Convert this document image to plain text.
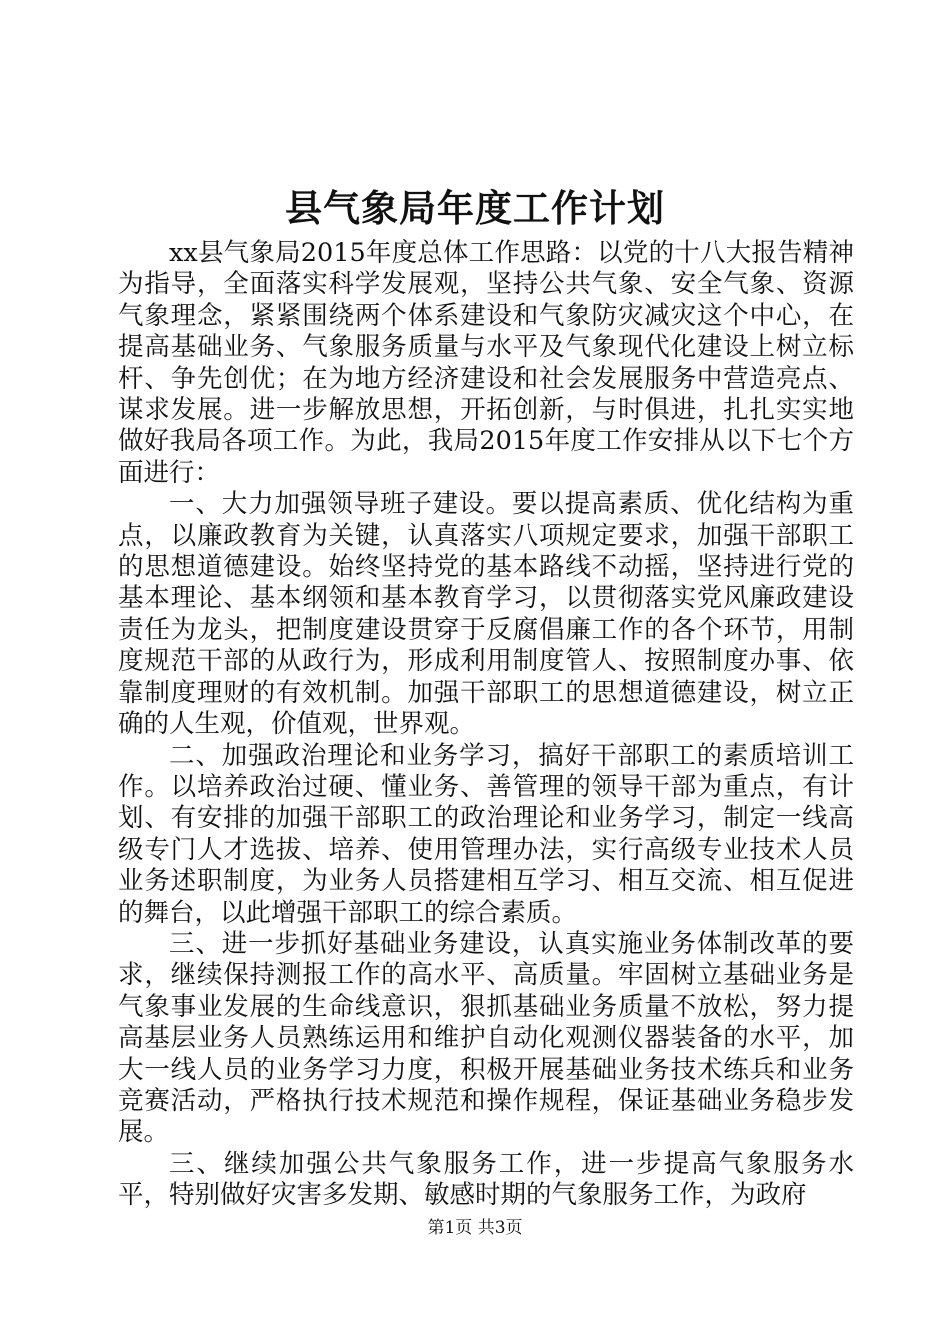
县气象局年度工作计划

xx县气象局2015年度总体工作思路：以党的十八大报告精神为指导，全面落实科学发展观，坚持公共气象、安全气象、资源气象理念，紧紧围绕两个体系建设和气象防灾减灾这个中心，在提高基础业务、气象服务质量与水平及气象现代化建设上树立标杆、争先创优；在为地方经济建设和社会发展服务中营造亮点、谋求发展。进一步解放思想，开拓创新，与时俱进，扎扎实实地做好我局各项工作。为此，我局2015年度工作安排从以下七个方面进行：

一、大力加强领导班子建设。要以提高素质、优化结构为重点，以廉政教育为关键，认真落实八项规定要求，加强干部职工的思想道德建设。始终坚持党的基本路线不动摇，坚持进行党的基本理论、基本纲领和基本教育学习，以贯彻落实党风廉政建设责任为龙头，把制度建设贯穿于反腐倡廉工作的各个环节，用制度规范干部的从政行为，形成利用制度管人、按照制度办事、依靠制度理财的有效机制。加强干部职工的思想道德建设，树立正确的人生观，价值观，世界观。

二、加强政治理论和业务学习，搞好干部职工的素质培训工作。以培养政治过硬、懂业务、善管理的领导干部为重点，有计划、有安排的加强干部职工的政治理论和业务学习，制定一线高级专门人才选拔、培养、使用管理办法，实行高级专业技术人员业务述职制度，为业务人员搭建相互学习、相互交流、相互促进的舞台，以此增强干部职工的综合素质。

三、进一步抓好基础业务建设，认真实施业务体制改革的要求，继续保持测报工作的高水平、高质量。牢固树立基础业务是气象事业发展的生命线意识，狠抓基础业务质量不放松，努力提高基层业务人员熟练运用和维护自动化观测仪器装备的水平，加大一线人员的业务学习力度，积极开展基础业务技术练兵和业务竞赛活动，严格执行技术规范和操作规程，保证基础业务稳步发展。

三、继续加强公共气象服务工作，进一步提高气象服务水平，特别做好灾害多发期、敏感时期的气象服务工作，为政府

第1页 共3页
